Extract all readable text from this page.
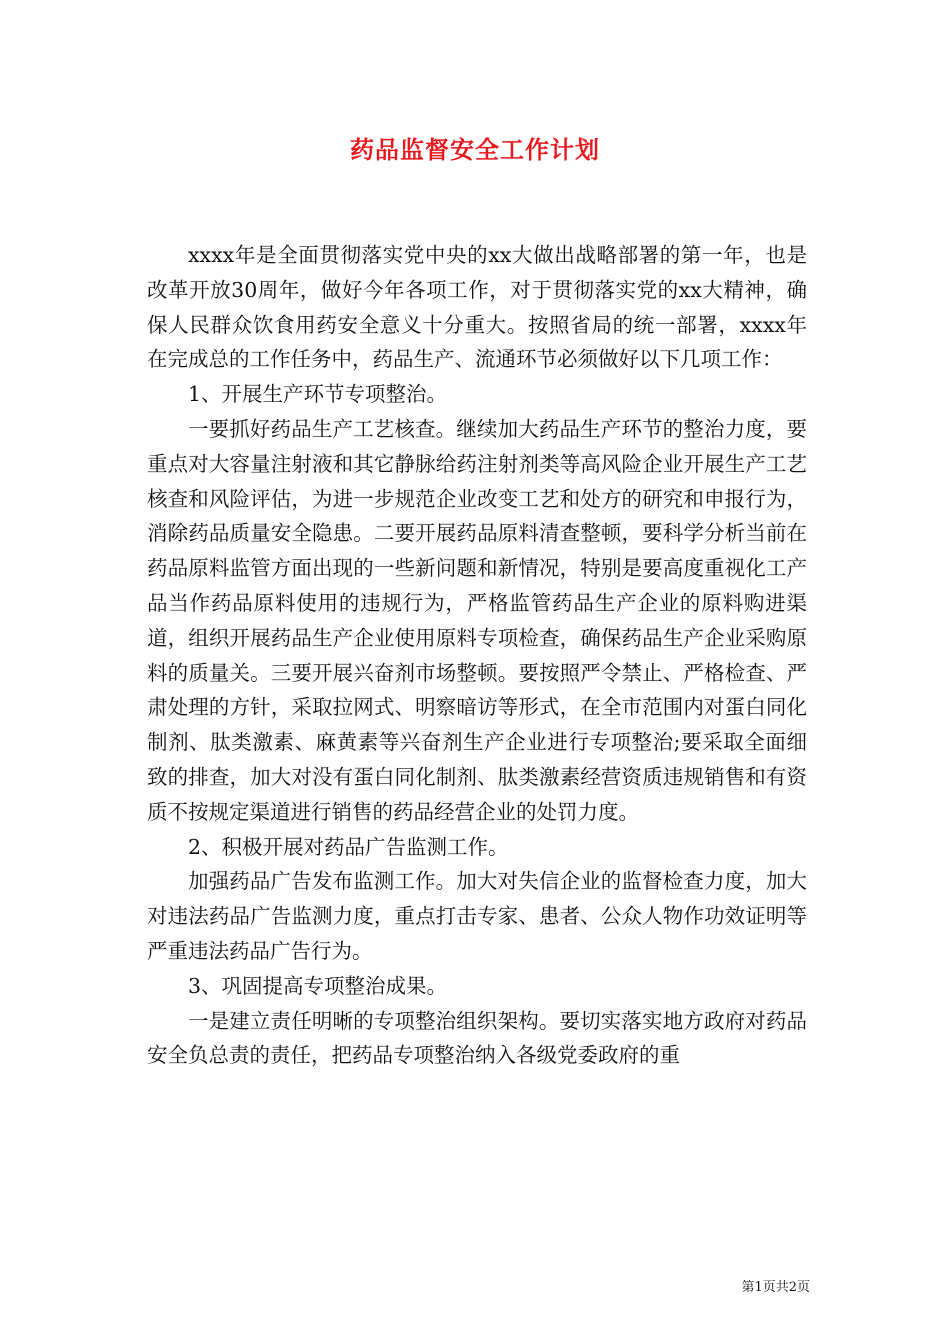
药品监督安全工作计划

xxxx年是全面贯彻落实党中央的xx大做出战略部署的第一年，也是改革开放30周年，做好今年各项工作，对于贯彻落实党的xx大精神，确保人民群众饮食用药安全意义十分重大。按照省局的统一部署，xxxx年在完成总的工作任务中，药品生产、流通环节必须做好以下几项工作：

1、开展生产环节专项整治。

一要抓好药品生产工艺核查。继续加大药品生产环节的整治力度，要重点对大容量注射液和其它静脉给药注射剂类等高风险企业开展生产工艺核查和风险评估，为进一步规范企业改变工艺和处方的研究和申报行为，消除药品质量安全隐患。二要开展药品原料清查整顿，要科学分析当前在药品原料监管方面出现的一些新问题和新情况，特别是要高度重视化工产品当作药品原料使用的违规行为，严格监管药品生产企业的原料购进渠道，组织开展药品生产企业使用原料专项检查，确保药品生产企业采购原料的质量关。三要开展兴奋剂市场整顿。要按照严令禁止、严格检查、严肃处理的方针，采取拉网式、明察暗访等形式，在全市范围内对蛋白同化制剂、肽类激素、麻黄素等兴奋剂生产企业进行专项整治;要采取全面细致的排查，加大对没有蛋白同化制剂、肽类激素经营资质违规销售和有资质不按规定渠道进行销售的药品经营企业的处罚力度。

2、积极开展对药品广告监测工作。

加强药品广告发布监测工作。加大对失信企业的监督检查力度，加大对违法药品广告监测力度，重点打击专家、患者、公众人物作功效证明等严重违法药品广告行为。

3、巩固提高专项整治成果。

一是建立责任明晰的专项整治组织架构。要切实落实地方政府对药品安全负总责的责任，把药品专项整治纳入各级党委政府的重

第1页共2页
